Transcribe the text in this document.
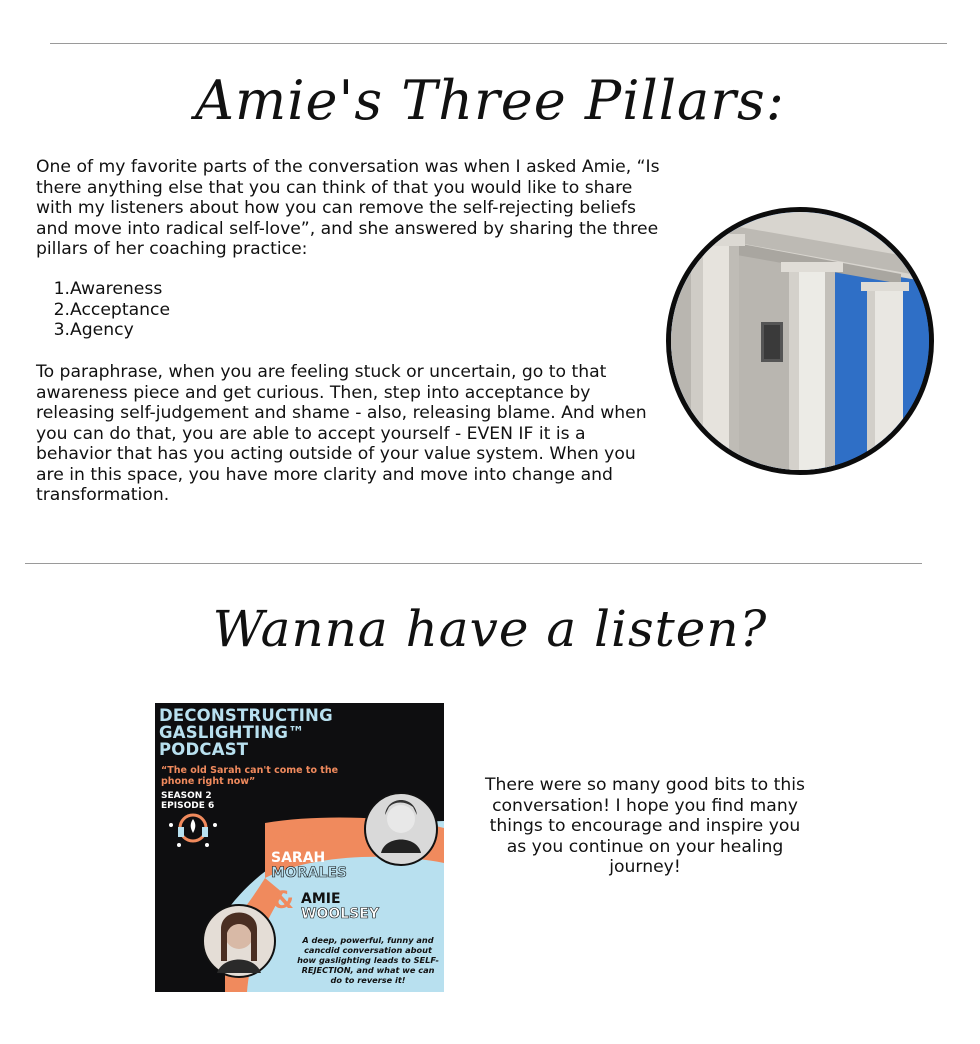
Amie's Three Pillars:

One of my favorite parts of the conversation was when I asked Amie, “Is there anything else that you can think of that you would like to share with my listeners about how you can remove the self-rejecting beliefs and move into radical self-love”, and she answered by sharing the three pillars of her coaching practice:

1. Awareness
2. Acceptance
3. Agency

To paraphrase, when you are feeling stuck or uncertain, go to that awareness piece and get curious. Then, step into acceptance by releasing self-judgement and shame - also, releasing blame. And when you can do that, you are able to accept yourself - EVEN IF it is a behavior that has you acting outside of your value system. When you are in this space, you have more clarity and move into change and transformation.

Wanna have a listen?
DECONSTRUCTING
GASLIGHTING™
PODCAST
“The old Sarah can't come to the phone right now”
SEASON 2
EPISODE 6
With
SARAH
MORALES
& AMIE
WOOLSEY
A deep, powerful, funny and cancdid conversation about how gaslighting leads to SELF-REJECTION, and what we can do to reverse it!

There were so many good bits to this conversation! I hope you find many things to encourage and inspire you as you continue on your healing journey!
